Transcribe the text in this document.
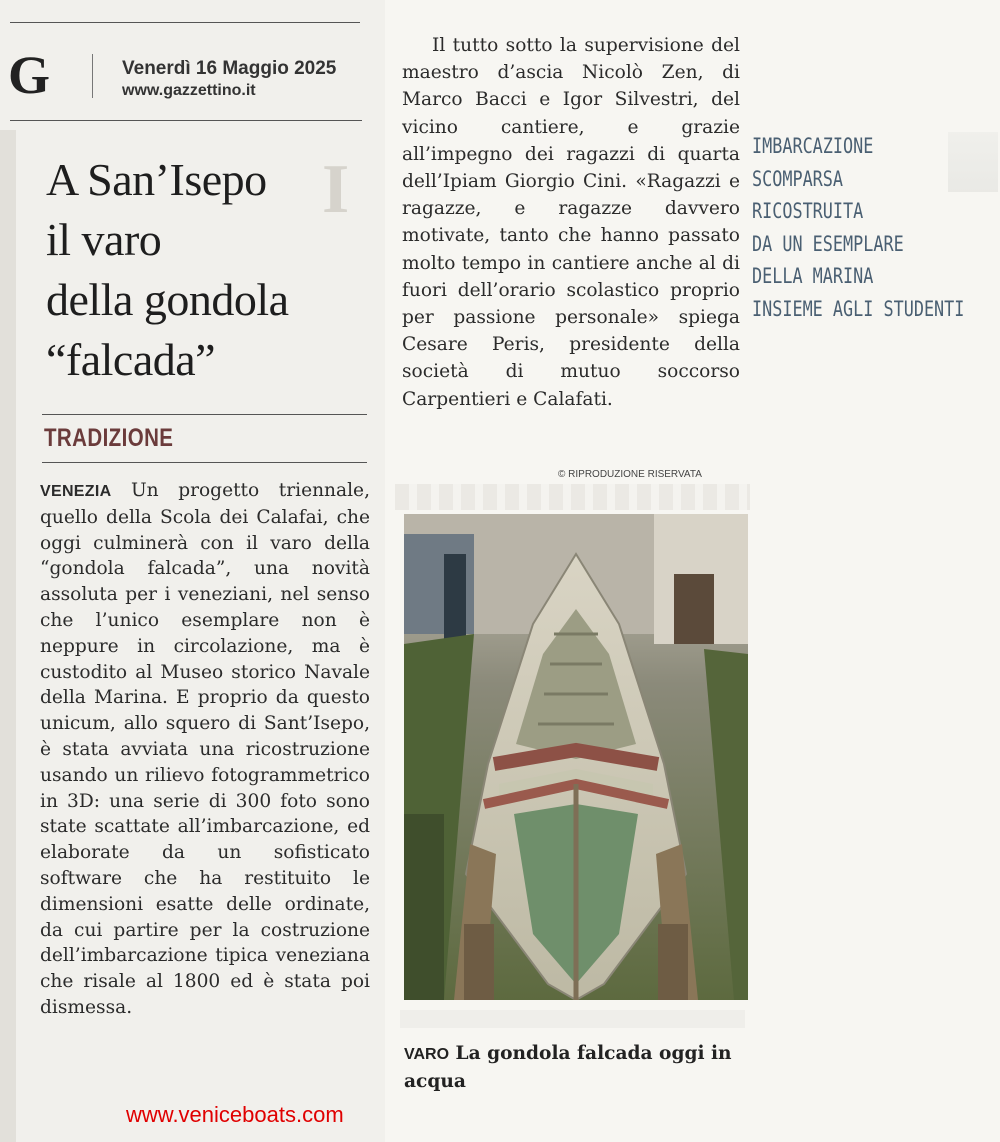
G	Venerdì 16 Maggio 2025
www.gazzettino.it
I
A San’Isepo
il varo
della gondola
“falcada”
TRADIZIONE
VENEZIA Un progetto triennale, quello della Scola dei Calafai, che oggi culminerà con il varo della “gondola falcada”, una novità assoluta per i veneziani, nel senso che l’unico esemplare non è neppure in circolazione, ma è custodito al Museo storico Navale della Marina. E proprio da questo unicum, allo squero di Sant’Isepo, è stata avviata una ricostruzione usando un rilievo fotogrammetrico in 3D: una serie di 300 foto sono state scattate all’imbarcazione, ed elaborate da un sofisticato software che ha restituito le dimensioni esatte delle ordinate, da cui partire per la costruzione dell’imbarcazione tipica veneziana che risale al 1800 ed è stata poi dismessa.
Il tutto sotto la supervisione del maestro d’ascia Nicolò Zen, di Marco Bacci e Igor Silvestri, del vicino cantiere, e grazie all’impegno dei ragazzi di quarta dell’Ipiam Giorgio Cini. «Ragazzi e ragazze, e ragazze davvero motivate, tanto che hanno passato molto tempo in cantiere anche al di fuori dell’orario scolastico proprio per passione personale» spiega Cesare Peris, presidente della società di mutuo soccorso Carpentieri e Calafati.
© RIPRODUZIONE RISERVATA
IMBARCAZIONE
SCOMPARSA
RICOSTRUITA
DA UN ESEMPLARE
DELLA MARINA
INSIEME AGLI STUDENTI
VARO La gondola falcada oggi in acqua
www.veniceboats.com
